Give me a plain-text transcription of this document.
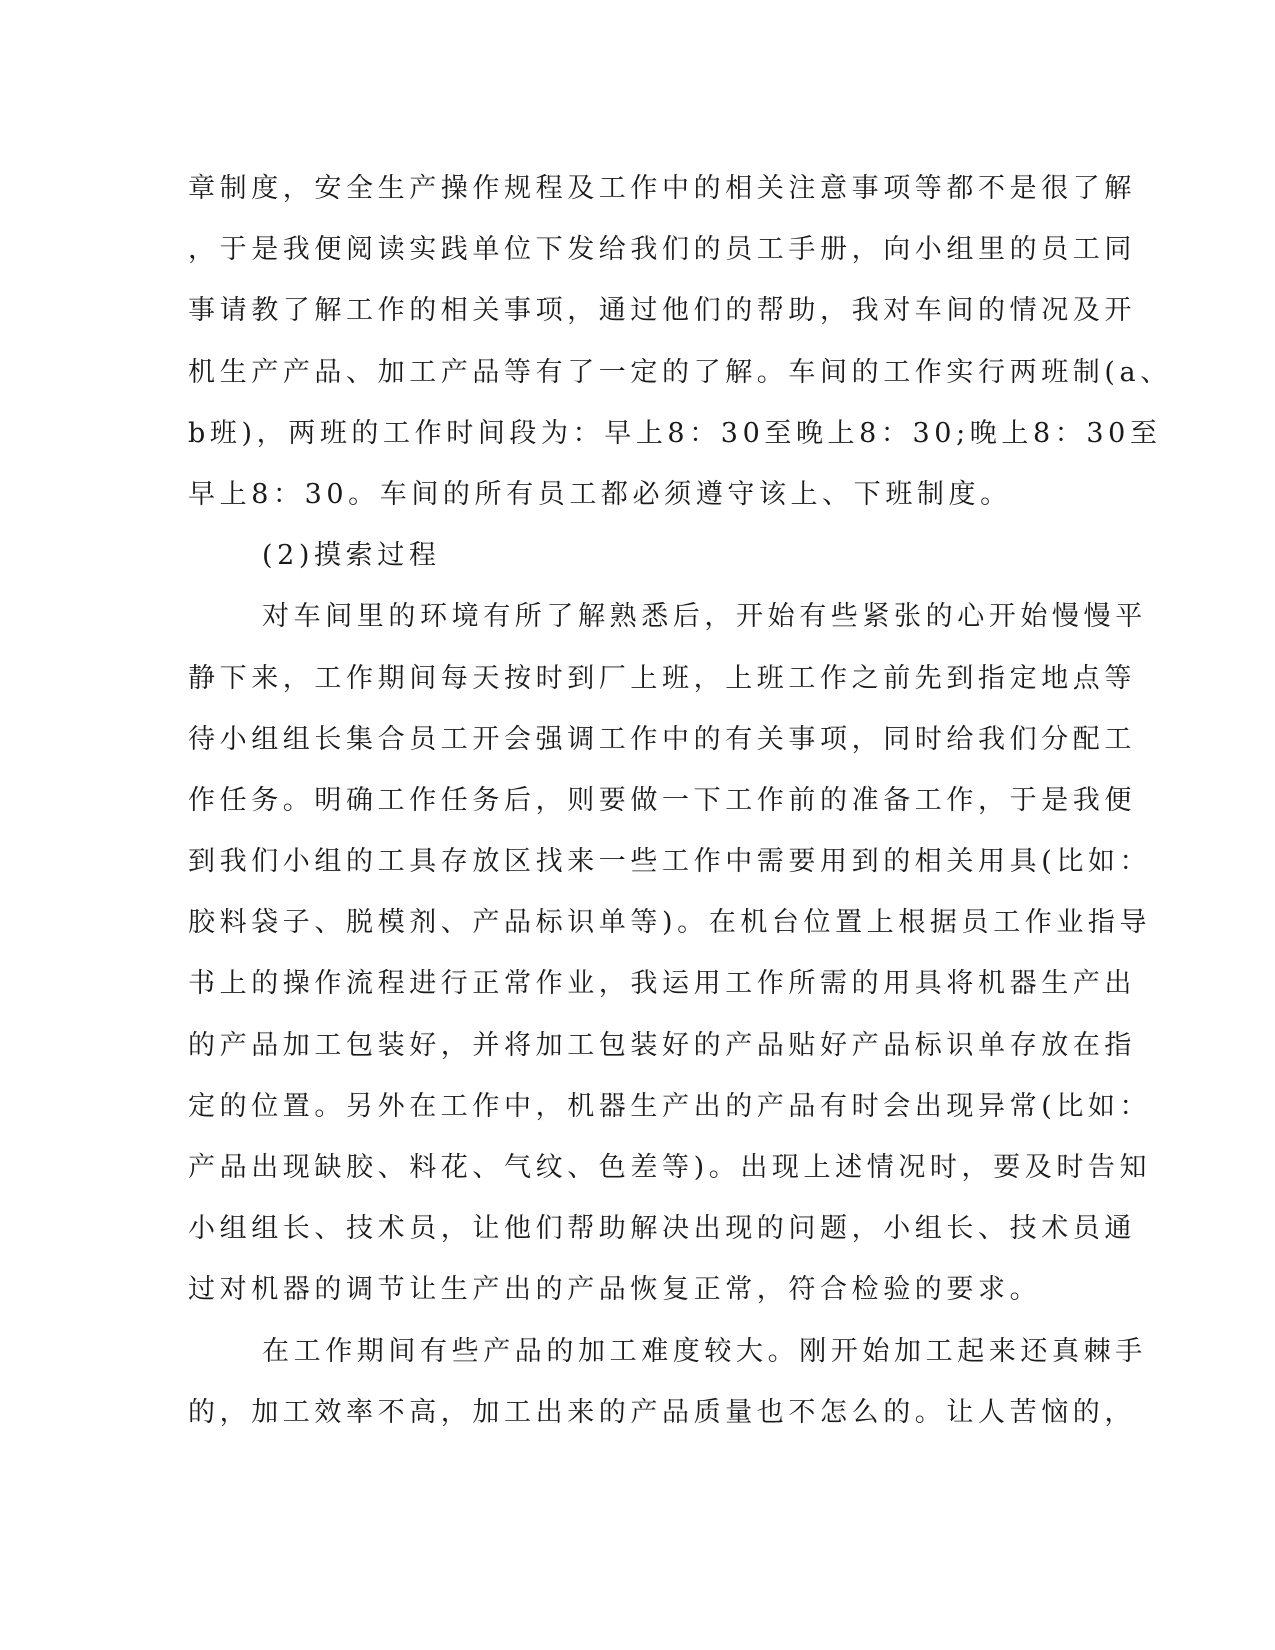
章制度，安全生产操作规程及工作中的相关注意事项等都不是很了解
，于是我便阅读实践单位下发给我们的员工手册，向小组里的员工同
事请教了解工作的相关事项，通过他们的帮助，我对车间的情况及开
机生产产品、加工产品等有了一定的了解。车间的工作实行两班制(a、
b班)，两班的工作时间段为：早上8：30至晚上8：30;晚上8：30至
早上8：30。车间的所有员工都必须遵守该上、下班制度。
(2)摸索过程
对车间里的环境有所了解熟悉后，开始有些紧张的心开始慢慢平
静下来，工作期间每天按时到厂上班，上班工作之前先到指定地点等
待小组组长集合员工开会强调工作中的有关事项，同时给我们分配工
作任务。明确工作任务后，则要做一下工作前的准备工作，于是我便
到我们小组的工具存放区找来一些工作中需要用到的相关用具(比如：
胶料袋子、脱模剂、产品标识单等)。在机台位置上根据员工作业指导
书上的操作流程进行正常作业，我运用工作所需的用具将机器生产出
的产品加工包装好，并将加工包装好的产品贴好产品标识单存放在指
定的位置。另外在工作中，机器生产出的产品有时会出现异常(比如：
产品出现缺胶、料花、气纹、色差等)。出现上述情况时，要及时告知
小组组长、技术员，让他们帮助解决出现的问题，小组长、技术员通
过对机器的调节让生产出的产品恢复正常，符合检验的要求。
在工作期间有些产品的加工难度较大。刚开始加工起来还真棘手
的，加工效率不高，加工出来的产品质量也不怎么的。让人苦恼的，
